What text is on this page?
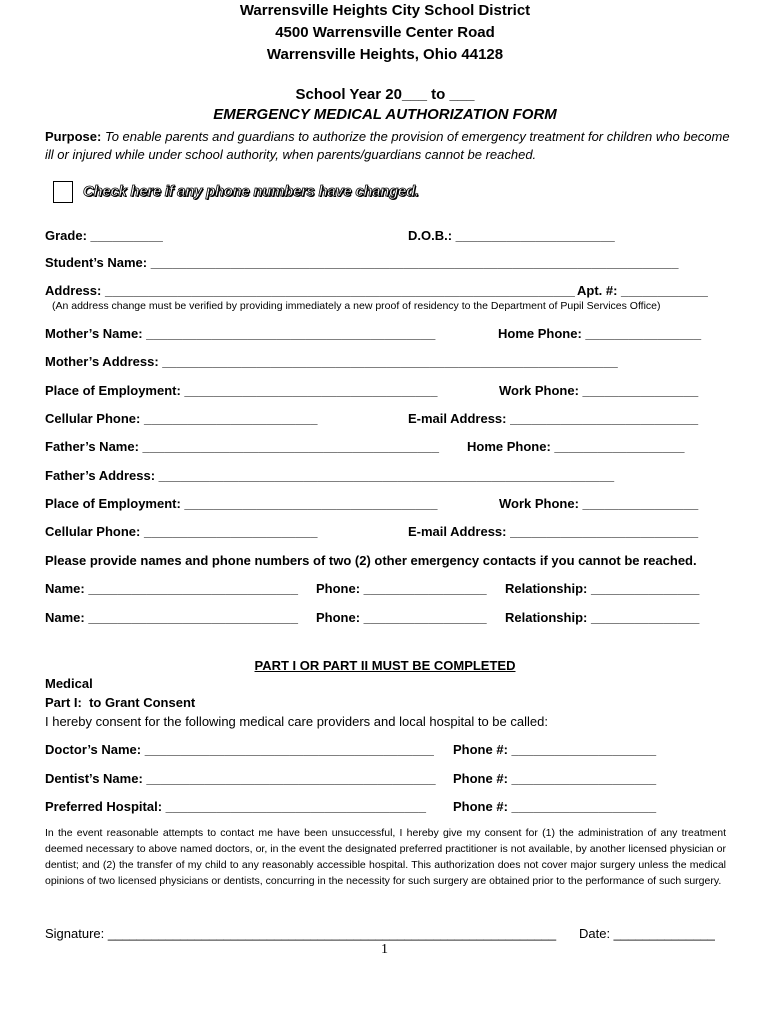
Warrensville Heights City School District
4500 Warrensville Center Road
Warrensville Heights, Ohio 44128
School Year 20___ to ___
EMERGENCY MEDICAL AUTHORIZATION FORM
Purpose: To enable parents and guardians to authorize the provision of emergency treatment for children who become ill or injured while under school authority, when parents/guardians cannot be reached.
Check here if any phone numbers have changed.
Grade: __________	D.O.B.: ______________________
Student’s Name: _________________________________________________________________________
Address: _________________________________________________________________ Apt. #: ____________
(An address change must be verified by providing immediately a new proof of residency to the Department of Pupil Services Office)
Mother’s Name: ________________________________________	Home Phone: ________________
Mother’s Address: _______________________________________________________________
Place of Employment: ___________________________________	Work Phone: ________________
Cellular Phone: ________________________	E-mail Address: __________________________
Father’s Name: _________________________________________ Home Phone: __________________
Father’s Address: _______________________________________________________________
Place of Employment: ___________________________________	Work Phone: ________________
Cellular Phone: ________________________	E-mail Address: __________________________
Please provide names and phone numbers of two (2) other emergency contacts if you cannot be reached.
Name: _____________________________ Phone: _________________ Relationship: _______________
Name: _____________________________ Phone: _________________ Relationship: _______________
PART I OR PART II MUST BE COMPLETED
Medical
Part I:  to Grant Consent
I hereby consent for the following medical care providers and local hospital to be called:
Doctor’s Name: ________________________________________ Phone #: ____________________
Dentist’s Name: ________________________________________ Phone #: ____________________
Preferred Hospital: ____________________________________ Phone #: ____________________
In the event reasonable attempts to contact me have been unsuccessful, I hereby give my consent for (1) the administration of any treatment deemed necessary to above named doctors, or, in the event the designated preferred practitioner is not available, by another licensed physician or dentist; and (2) the transfer of my child to any reasonably accessible hospital. This authorization does not cover major surgery unless the medical opinions of two licensed physicians or dentists, concurring in the necessity for such surgery are obtained prior to the performance of such surgery.
Signature: ______________________________________________________________ Date: ______________
1
